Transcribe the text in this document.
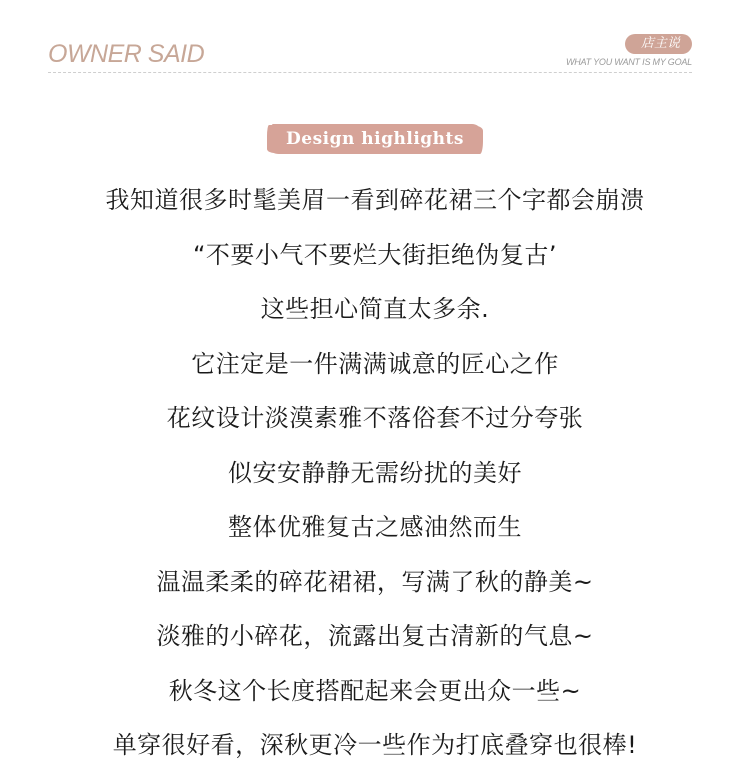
OWNER SAID	店主说
WHAT YOU WANT IS MY GOAL
Design highlights
我知道很多时髦美眉一看到碎花裙三个字都会崩溃
“不要小气不要烂大街拒绝伪复古’
这些担心简直太多余.
它注定是一件满满诚意的匠心之作
花纹设计淡漠素雅不落俗套不过分夸张
似安安静静无需纷扰的美好
整体优雅复古之感油然而生
温温柔柔的碎花裙裙，写满了秋的静美~
淡雅的小碎花，流露出复古清新的气息~
秋冬这个长度搭配起来会更出众一些~
单穿很好看，深秋更冷一些作为打底叠穿也很棒!
